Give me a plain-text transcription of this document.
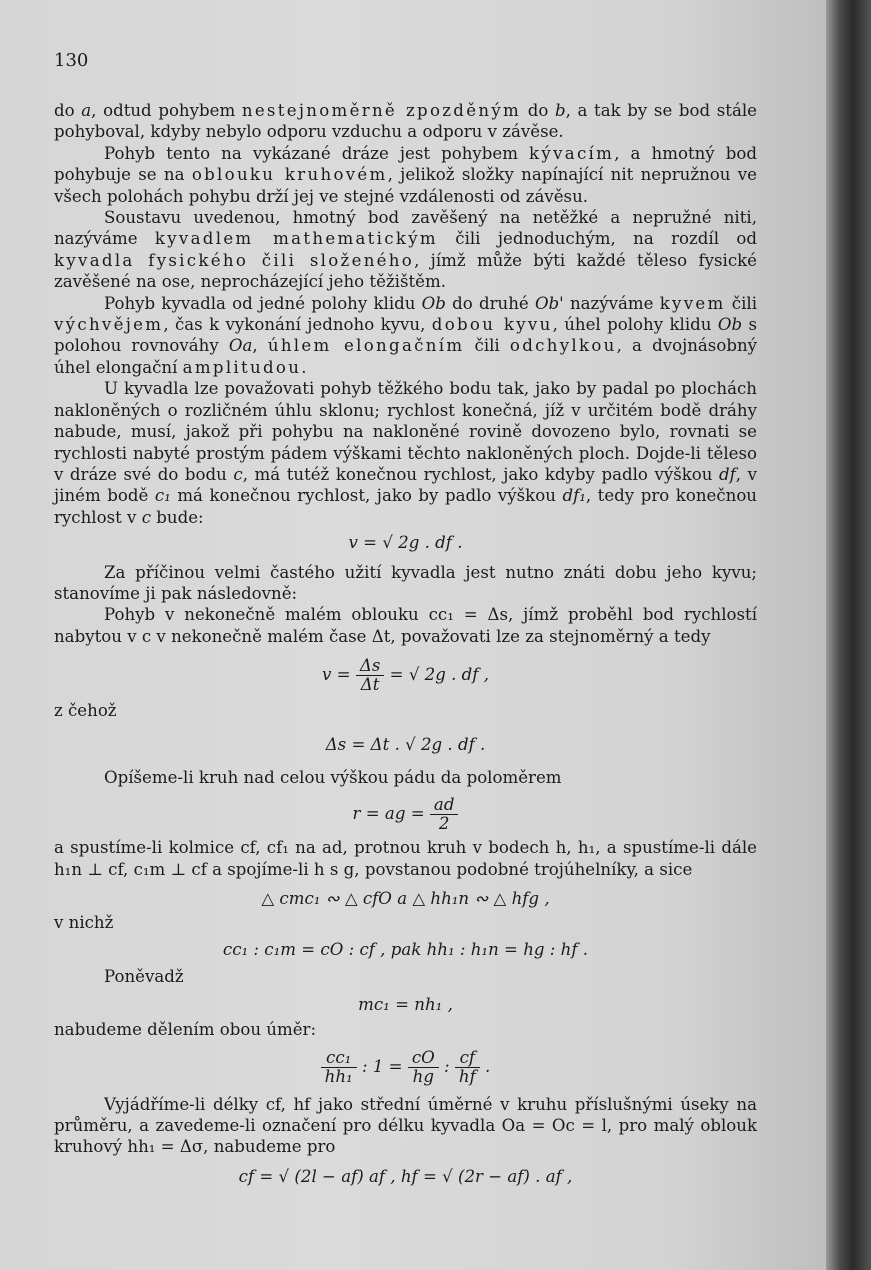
130
do a, odtud pohybem nestejnoměrně zpozděným do b, a tak by se bod stále pohyboval, kdyby nebylo odporu vzduchu a odporu v závěse.
Pohyb tento na vykázané dráze jest pohybem kývacím, a hmotný bod pohybuje se na oblouku kruhovém, jelikož složky napínající nit nepružnou ve všech polohách pohybu drží jej ve stejné vzdálenosti od závěsu.
Soustavu uvedenou, hmotný bod zavěšený na netěžké a nepružné niti, nazýváme kyvadlem mathematickým čili jednoduchým, na rozdíl od kyvadla fysického čili složeného, jímž může býti každé těleso fysické zavěšené na ose, neprocházející jeho těžištěm.
Pohyb kyvadla od jedné polohy klidu Ob do druhé Ob' nazýváme kyvem čili výchvějem, čas k vykonání jednoho kyvu, dobou kyvu, úhel polohy klidu Ob s polohou rovnováhy Oa, úhlem elongačním čili odchylkou, a dvojnásobný úhel elongační amplitudou.
U kyvadla lze považovati pohyb těžkého bodu tak, jako by padal po plochách nakloněných o rozličném úhlu sklonu; rychlost konečná, jíž v určitém bodě dráhy nabude, musí, jakož při pohybu na nakloněné rovině dovozeno bylo, rovnati se rychlosti nabyté prostým pádem výškami těchto nakloněných ploch. Dojde-li těleso v dráze své do bodu c, má tutéž konečnou rychlost, jako kdyby padlo výškou df, v jiném bodě c₁ má konečnou rychlost, jako by padlo výškou df₁, tedy pro konečnou rychlost v c bude:
v = √ 2g . df .
Za příčinou velmi častého užití kyvadla jest nutno znáti dobu jeho kyvu; stanovíme ji pak následovně:
Pohyb v nekonečně malém oblouku cc₁ = Δs, jímž proběhl bod rychlostí nabytou v c v nekonečně malém čase Δt, považovati lze za stejnoměrný a tedy
$v = \frac{\Delta s}{\Delta t}$ = √ 2g . df ,
z čehož
Δs = Δt . √ 2g . df .
Opíšeme-li kruh nad celou výškou pádu da poloměrem
r = ag = $\frac{ad}{2}$
a spustíme-li kolmice cf, cf₁ na ad, protnou kruh v bodech h, h₁, a spustíme-li dále h₁n ⊥ cf, c₁m ⊥ cf a spojíme-li h s g, povstanou podobné trojúhelníky, a sice
△ cmc₁ ∾ △ cfO a △ hh₁n ∾ △ hfg ,
v nichž
cc₁ : c₁m = cO : cf , pak hh₁ : h₁n = hg : hf .
Poněvadž
mc₁ = nh₁ ,
nabudeme dělením obou úměr:
$\frac{\text{cc₁}}{\text{hh₁}}$ : $1 = \frac{cO}{hg}$ : $\frac{cf}{hf}$ .
Vyjádříme-li délky cf, hf jako střední úměrné v kruhu příslušnými úseky na průměru, a zavedeme-li označení pro délku kyvadla Oa = Oc = l, pro malý oblouk kruhový hh₁ = Δσ, nabudeme pro
cf = √ (2l − af) af , hf = √ (2r − af) . af ,
